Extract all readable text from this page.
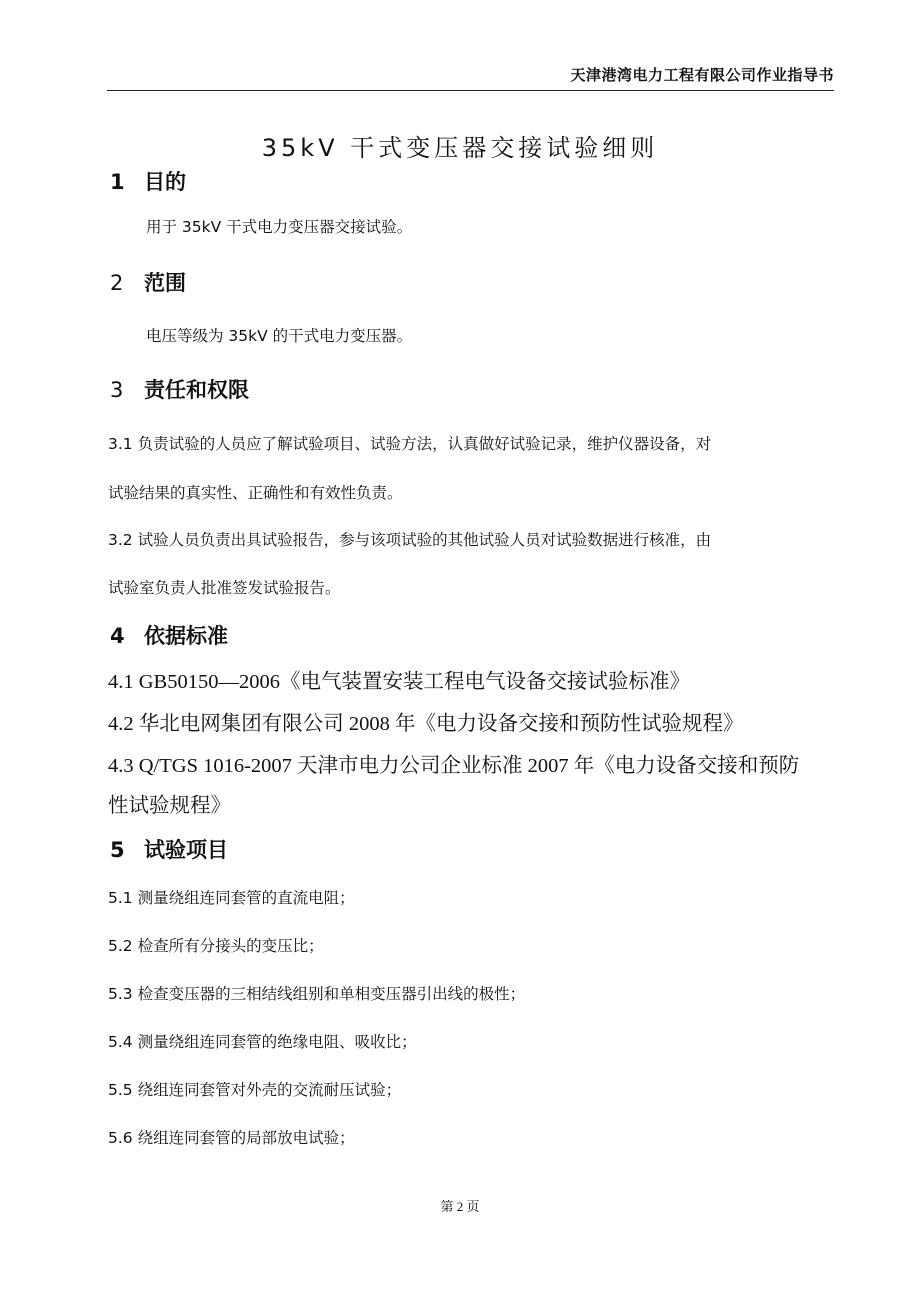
天津港湾电力工程有限公司作业指导书
35kV 干式变压器交接试验细则
1 目的
用于 35kV 干式电力变压器交接试验。
2 范围
电压等级为 35kV 的干式电力变压器。
3 责任和权限
3.1 负责试验的人员应了解试验项目、试验方法，认真做好试验记录，维护仪器设备，对
试验结果的真实性、正确性和有效性负责。
3.2 试验人员负责出具试验报告，参与该项试验的其他试验人员对试验数据进行核准，由
试验室负责人批准签发试验报告。
4 依据标准
4.1 GB50150—2006《电气装置安装工程电气设备交接试验标准》
4.2 华北电网集团有限公司 2008 年《电力设备交接和预防性试验规程》
4.3 Q/TGS 1016-2007 天津市电力公司企业标准 2007 年《电力设备交接和预防
性试验规程》
5 试验项目
5.1 测量绕组连同套管的直流电阻；
5.2 检查所有分接头的变压比；
5.3 检查变压器的三相结线组别和单相变压器引出线的极性；
5.4 测量绕组连同套管的绝缘电阻、吸收比；
5.5 绕组连同套管对外壳的交流耐压试验；
5.6 绕组连同套管的局部放电试验；
第 2 页
